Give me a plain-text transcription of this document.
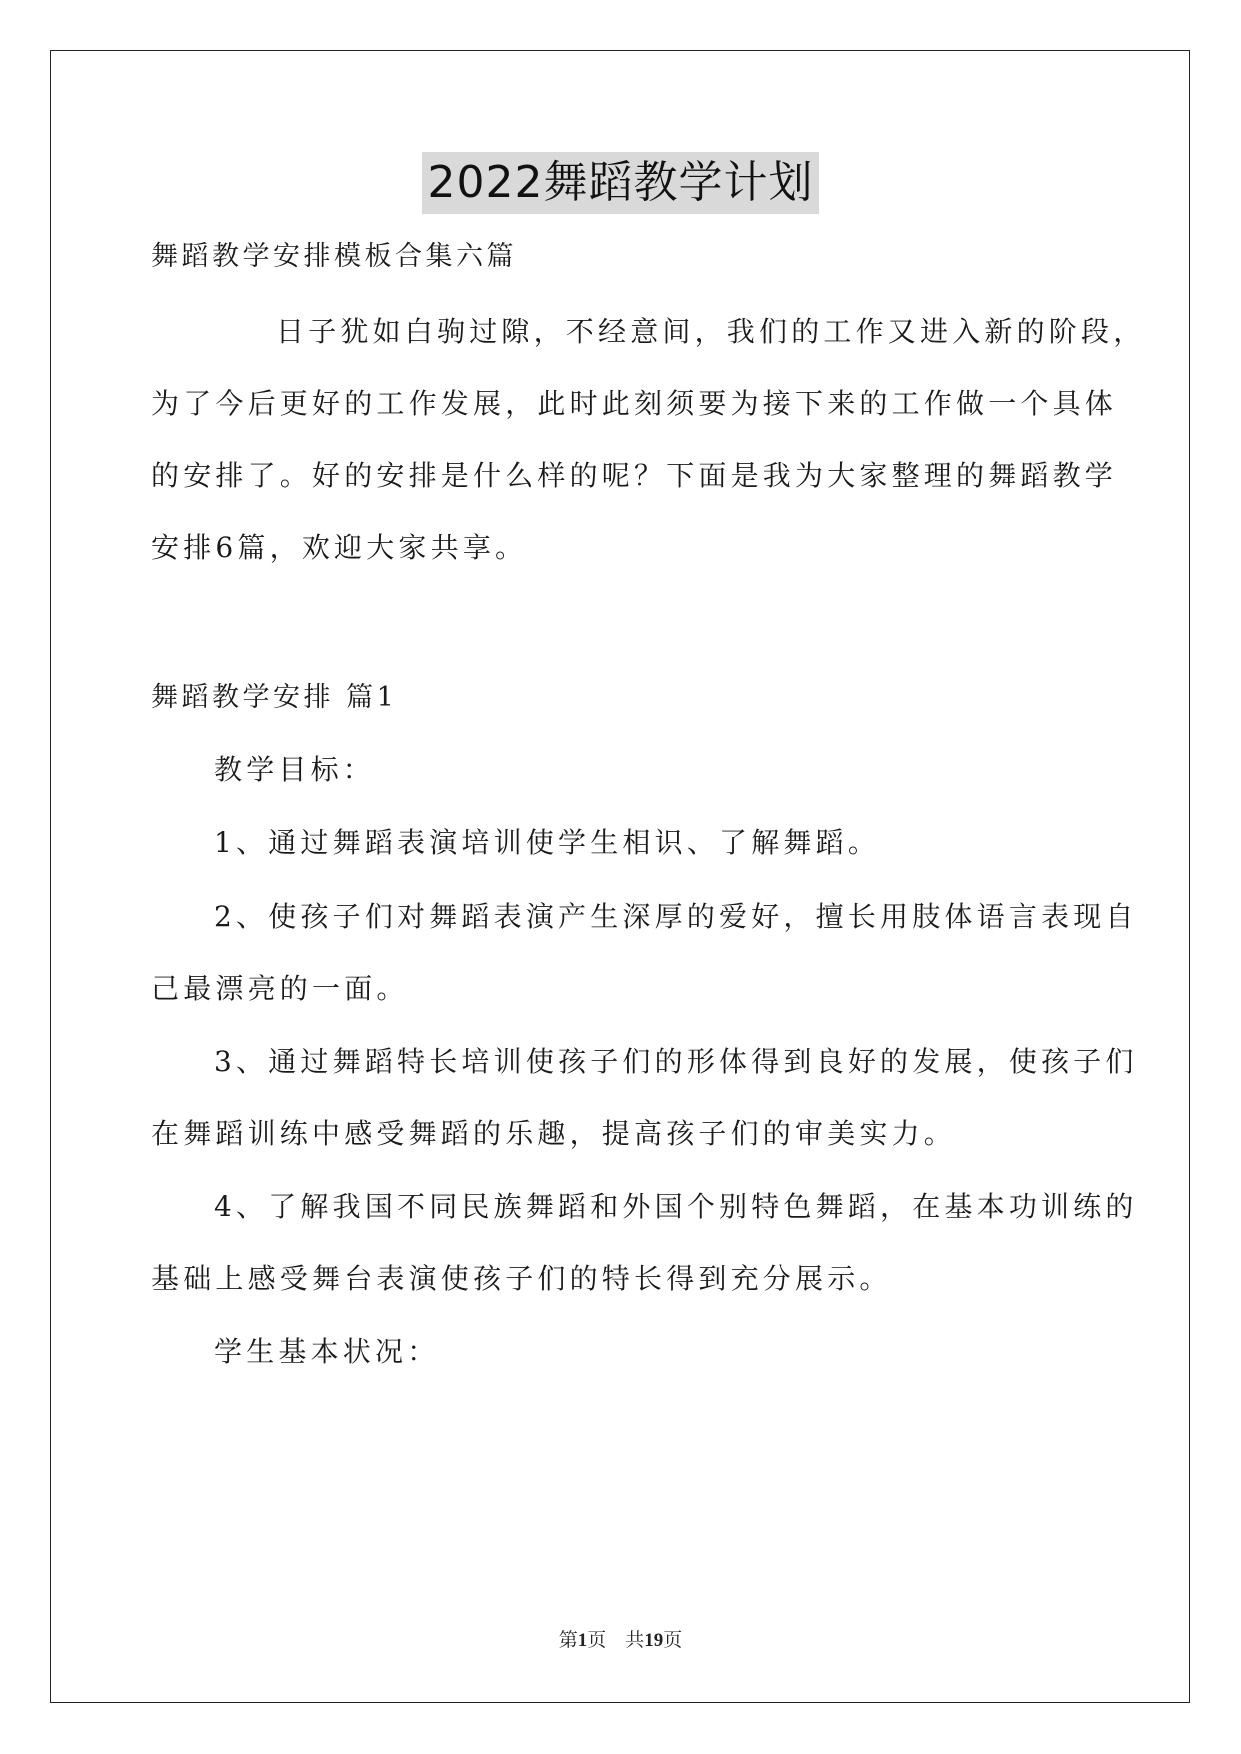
2022舞蹈教学计划
舞蹈教学安排模板合集六篇
日子犹如白驹过隙，不经意间，我们的工作又进入新的阶段，
为了今后更好的工作发展，此时此刻须要为接下来的工作做一个具体
的安排了。好的安排是什么样的呢？下面是我为大家整理的舞蹈教学
安排6篇，欢迎大家共享。
舞蹈教学安排 篇1
教学目标：
1、通过舞蹈表演培训使学生相识、了解舞蹈。
2、使孩子们对舞蹈表演产生深厚的爱好，擅长用肢体语言表现自
己最漂亮的一面。
3、通过舞蹈特长培训使孩子们的形体得到良好的发展，使孩子们
在舞蹈训练中感受舞蹈的乐趣，提高孩子们的审美实力。
4、了解我国不同民族舞蹈和外国个别特色舞蹈，在基本功训练的
基础上感受舞台表演使孩子们的特长得到充分展示。
学生基本状况：
第1页　共19页
